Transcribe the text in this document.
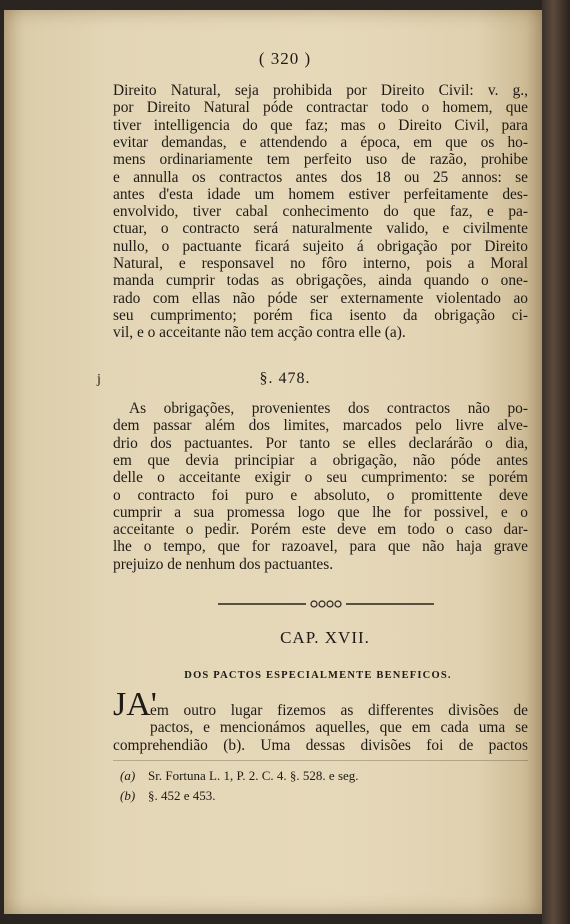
( 320 )
Direito Natural, seja prohibida por Direito Civil: v. g.,
por Direito Natural póde contractar todo o homem, que
tiver intelligencia do que faz; mas o Direito Civil, para
evitar demandas, e attendendo a época, em que os ho-
mens ordinariamente tem perfeito uso de razão, prohibe
e annulla os contractos antes dos 18 ou 25 annos: se
antes d'esta idade um homem estiver perfeitamente des-
envolvido, tiver cabal conhecimento do que faz, e pa-
ctuar, o contracto será naturalmente valido, e civilmente
nullo, o pactuante ficará sujeito á obrigação por Direito
Natural, e responsavel no fôro interno, pois a Moral
manda cumprir todas as obrigações, ainda quando o one-
rado com ellas não póde ser externamente violentado ao
seu cumprimento; porém fica isento da obrigação ci-
vil, e o acceitante não tem acção contra elle (a).
j	§. 478.
As obrigações, provenientes dos contractos não po-
dem passar além dos limites, marcados pelo livre alve-
drio dos pactuantes. Por tanto se elles declarárão o dia,
em que devia principiar a obrigação, não póde antes
delle o acceitante exigir o seu cumprimento: se porém
o contracto foi puro e absoluto, o promittente deve
cumprir a sua promessa logo que lhe for possivel, e o
acceitante o pedir. Porém este deve em todo o caso dar-
lhe o tempo, que for razoavel, para que não haja grave
prejuizo de nenhum dos pactuantes.
CAP. XVII.
DOS PACTOS ESPECIALMENTE BENEFICOS.
JA'
em outro lugar fizemos as differentes divisões de
pactos, e mencionámos aquelles, que em cada uma se
comprehendião (b). Uma dessas divisões foi de pactos
(a) Sr. Fortuna L. 1, P. 2. C. 4. §. 528. e seg.
(b) §. 452 e 453.
